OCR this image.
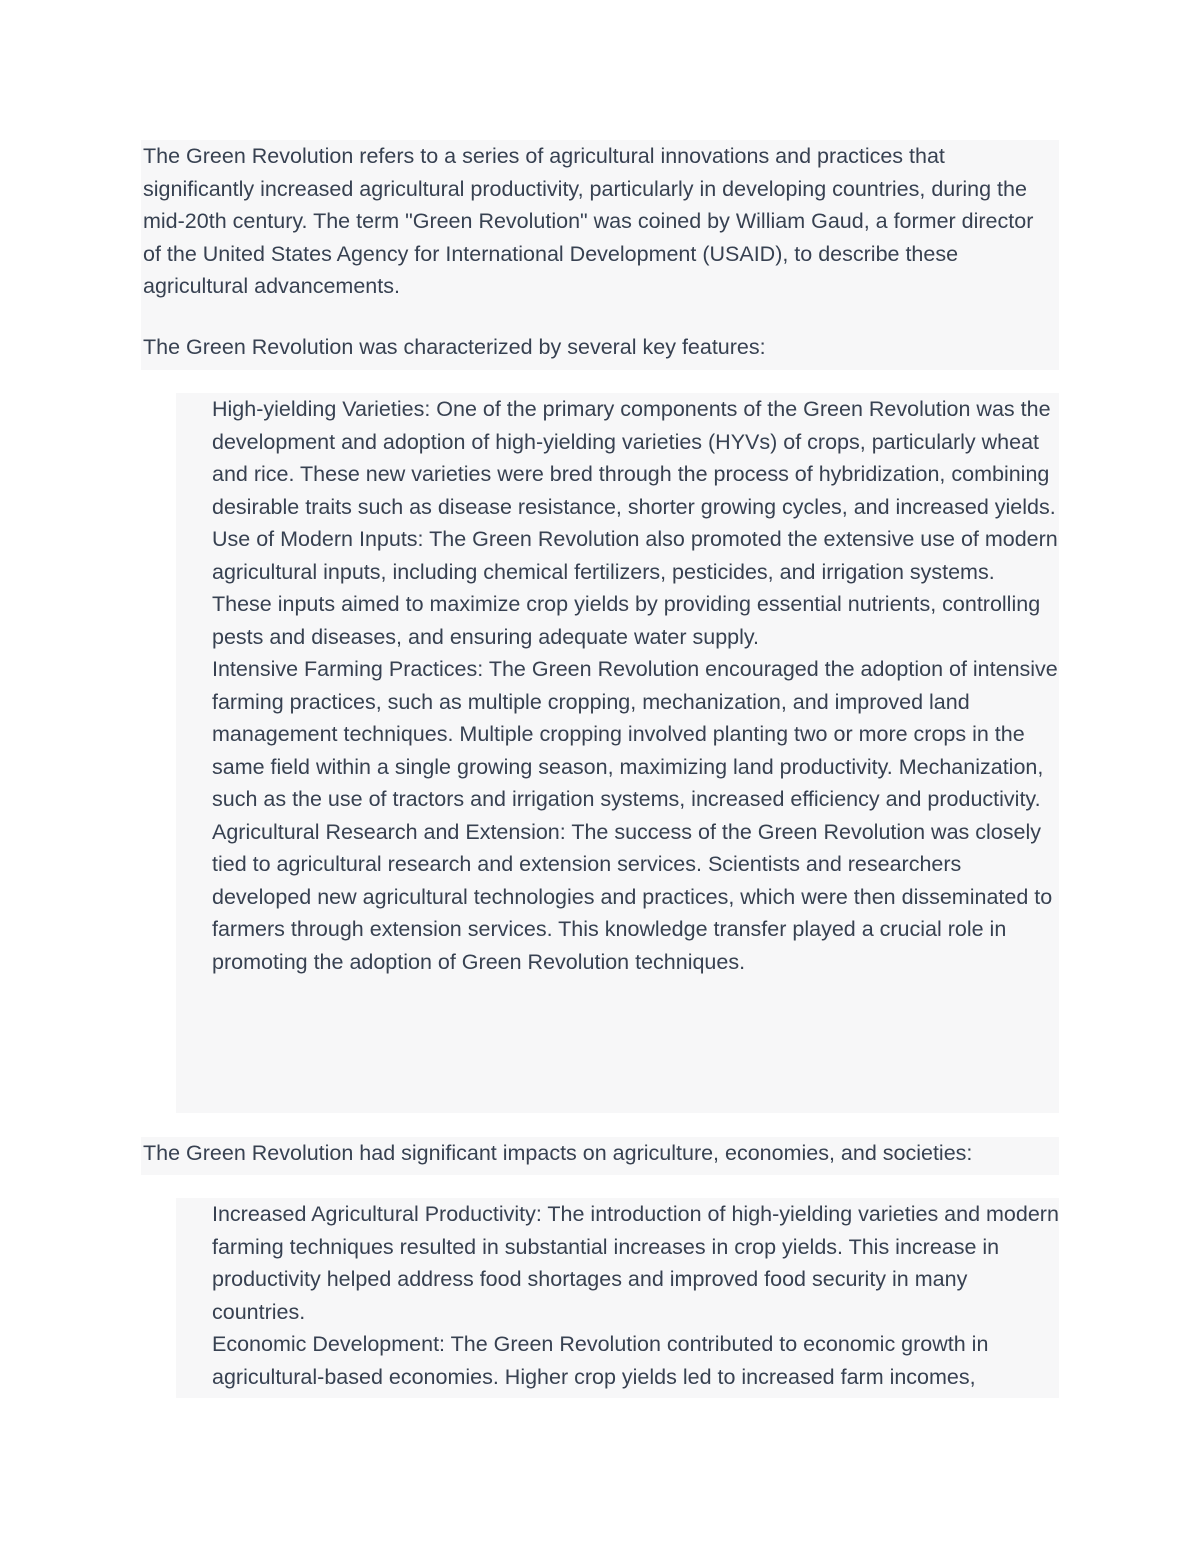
The Green Revolution refers to a series of agricultural innovations and practices that significantly increased agricultural productivity, particularly in developing countries, during the mid-20th century. The term "Green Revolution" was coined by William Gaud, a former director of the United States Agency for International Development (USAID), to describe these agricultural advancements.

The Green Revolution was characterized by several key features:

High-yielding Varieties: One of the primary components of the Green Revolution was the development and adoption of high-yielding varieties (HYVs) of crops, particularly wheat and rice. These new varieties were bred through the process of hybridization, combining desirable traits such as disease resistance, shorter growing cycles, and increased yields.

Use of Modern Inputs: The Green Revolution also promoted the extensive use of modern agricultural inputs, including chemical fertilizers, pesticides, and irrigation systems. These inputs aimed to maximize crop yields by providing essential nutrients, controlling pests and diseases, and ensuring adequate water supply.

Intensive Farming Practices: The Green Revolution encouraged the adoption of intensive farming practices, such as multiple cropping, mechanization, and improved land management techniques. Multiple cropping involved planting two or more crops in the same field within a single growing season, maximizing land productivity. Mechanization, such as the use of tractors and irrigation systems, increased efficiency and productivity.

Agricultural Research and Extension: The success of the Green Revolution was closely tied to agricultural research and extension services. Scientists and researchers developed new agricultural technologies and practices, which were then disseminated to farmers through extension services. This knowledge transfer played a crucial role in promoting the adoption of Green Revolution techniques.

The Green Revolution had significant impacts on agriculture, economies, and societies:

Increased Agricultural Productivity: The introduction of high-yielding varieties and modern farming techniques resulted in substantial increases in crop yields. This increase in productivity helped address food shortages and improved food security in many countries.

Economic Development: The Green Revolution contributed to economic growth in agricultural-based economies. Higher crop yields led to increased farm incomes,
